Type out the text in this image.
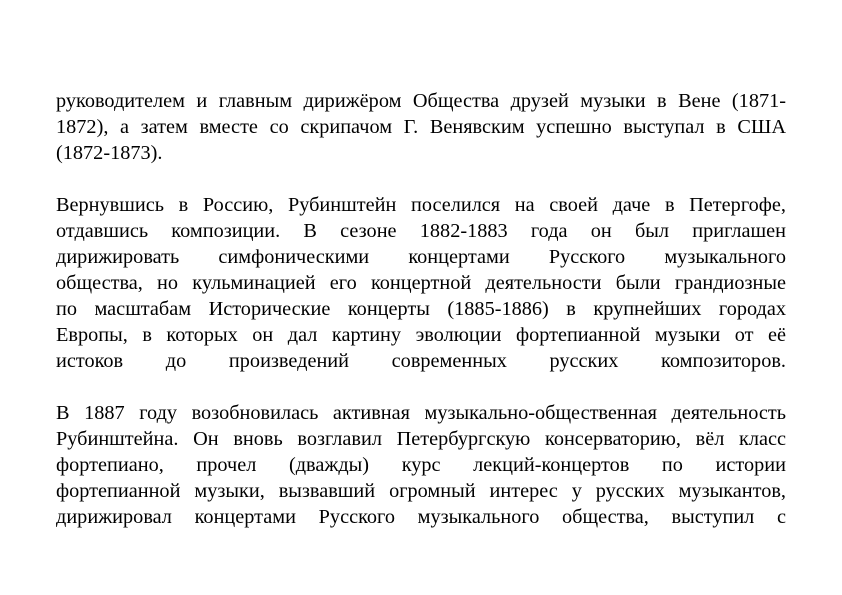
руководителем и главным дирижёром Общества друзей музыки в Вене (1871-
1872), а затем вместе со скрипачом Г. Венявским успешно выступал в США
(1872-1873).
Вернувшись в Россию, Рубинштейн поселился на своей даче в Петергофе,
отдавшись композиции. В сезоне 1882-1883 года он был приглашен
дирижировать симфоническими концертами Русского музыкального
общества, но кульминацией его концертной деятельности были грандиозные
по масштабам Исторические концерты (1885-1886) в крупнейших городах
Европы, в которых он дал картину эволюции фортепианной музыки от её
истоков до произведений современных русских композиторов.
В 1887 году возобновилась активная музыкально-общественная деятельность
Рубинштейна. Он вновь возглавил Петербургскую консерваторию, вёл класс
фортепиано, прочел (дважды) курс лекций-концертов по истории
фортепианной музыки, вызвавший огромный интерес у русских музыкантов,
дирижировал концертами Русского музыкального общества, выступил с
